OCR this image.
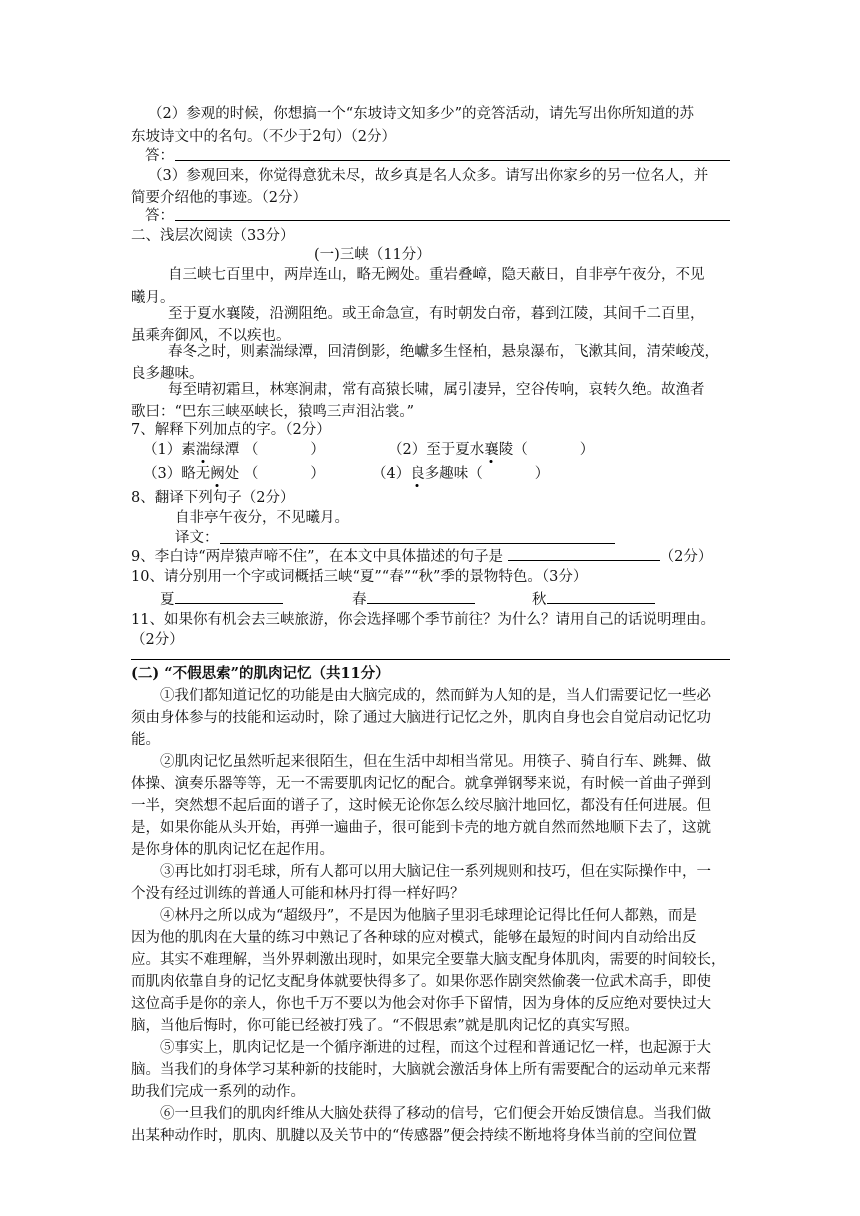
（2）参观的时候，你想搞一个“东坡诗文知多少”的竞答活动，请先写出你所知道的苏
东坡诗文中的名句。（不少于2句）（2分）
答：
（3）参观回来，你觉得意犹未尽，故乡真是名人众多。请写出你家乡的另一位名人，并
简要介绍他的事迹。（2分）
答：
二、浅层次阅读（33分）
(一)三峡（11分）
自三峡七百里中，两岸连山，略无阙处。重岩叠嶂，隐天蔽日，自非亭午夜分，不见
曦月。
至于夏水襄陵，沿溯阻绝。或王命急宣，有时朝发白帝，暮到江陵，其间千二百里，
虽乘奔御风，不以疾也。
春冬之时，则素湍绿潭，回清倒影，绝巘多生怪柏，悬泉瀑布，飞漱其间，清荣峻茂，
良多趣味。
每至晴初霜旦，林寒涧肃，常有高猿长啸，属引凄异，空谷传响，哀转久绝。故渔者
歌曰：“巴东三峡巫峡长，猿鸣三声泪沾裳。”
7、解释下列加点的字。（2分）
（1）素湍绿潭 （	）	（2）至于夏水襄陵（	）
（3）略无阙处 （	）	（4）良多趣味（	）
8、翻译下列句子（2分）
自非亭午夜分，不见曦月。
译文：
9、李白诗“两岸猿声啼不住”，在本文中具体描述的句子是	（2分）
10、请分别用一个字或词概括三峡“夏”“春”“秋”季的景物特色。（3分）
夏	春	秋
11、如果你有机会去三峡旅游，你会选择哪个季节前往？为什么？请用自己的话说明理由。
（2分）
(二) “不假思索”的肌肉记忆（共11分）
①我们都知道记忆的功能是由大脑完成的，然而鲜为人知的是，当人们需要记忆一些必
须由身体参与的技能和运动时，除了通过大脑进行记忆之外，肌肉自身也会自觉启动记忆功
能。
②肌肉记忆虽然听起来很陌生，但在生活中却相当常见。用筷子、骑自行车、跳舞、做
体操、演奏乐器等等，无一不需要肌肉记忆的配合。就拿弹钢琴来说，有时候一首曲子弹到
一半，突然想不起后面的谱子了，这时候无论你怎么绞尽脑汁地回忆，都没有任何进展。但
是，如果你能从头开始，再弹一遍曲子，很可能到卡壳的地方就自然而然地顺下去了，这就
是你身体的肌肉记忆在起作用。
③再比如打羽毛球，所有人都可以用大脑记住一系列规则和技巧，但在实际操作中，一
个没有经过训练的普通人可能和林丹打得一样好吗？
④林丹之所以成为“超级丹”，不是因为他脑子里羽毛球理论记得比任何人都熟，而是
因为他的肌肉在大量的练习中熟记了各种球的应对模式，能够在最短的时间内自动给出反
应。其实不难理解，当外界刺激出现时，如果完全要靠大脑支配身体肌肉，需要的时间较长，
而肌肉依靠自身的记忆支配身体就要快得多了。如果你恶作剧突然偷袭一位武术高手，即使
这位高手是你的亲人，你也千万不要以为他会对你手下留情，因为身体的反应绝对要快过大
脑，当他后悔时，你可能已经被打残了。“不假思索”就是肌肉记忆的真实写照。
⑤事实上，肌肉记忆是一个循序渐进的过程，而这个过程和普通记忆一样，也起源于大
脑。当我们的身体学习某种新的技能时，大脑就会激活身体上所有需要配合的运动单元来帮
助我们完成一系列的动作。
⑥一旦我们的肌肉纤维从大脑处获得了移动的信号，它们便会开始反馈信息。当我们做
出某种动作时，肌肉、肌腱以及关节中的“传感器”便会持续不断地将身体当前的空间位置
